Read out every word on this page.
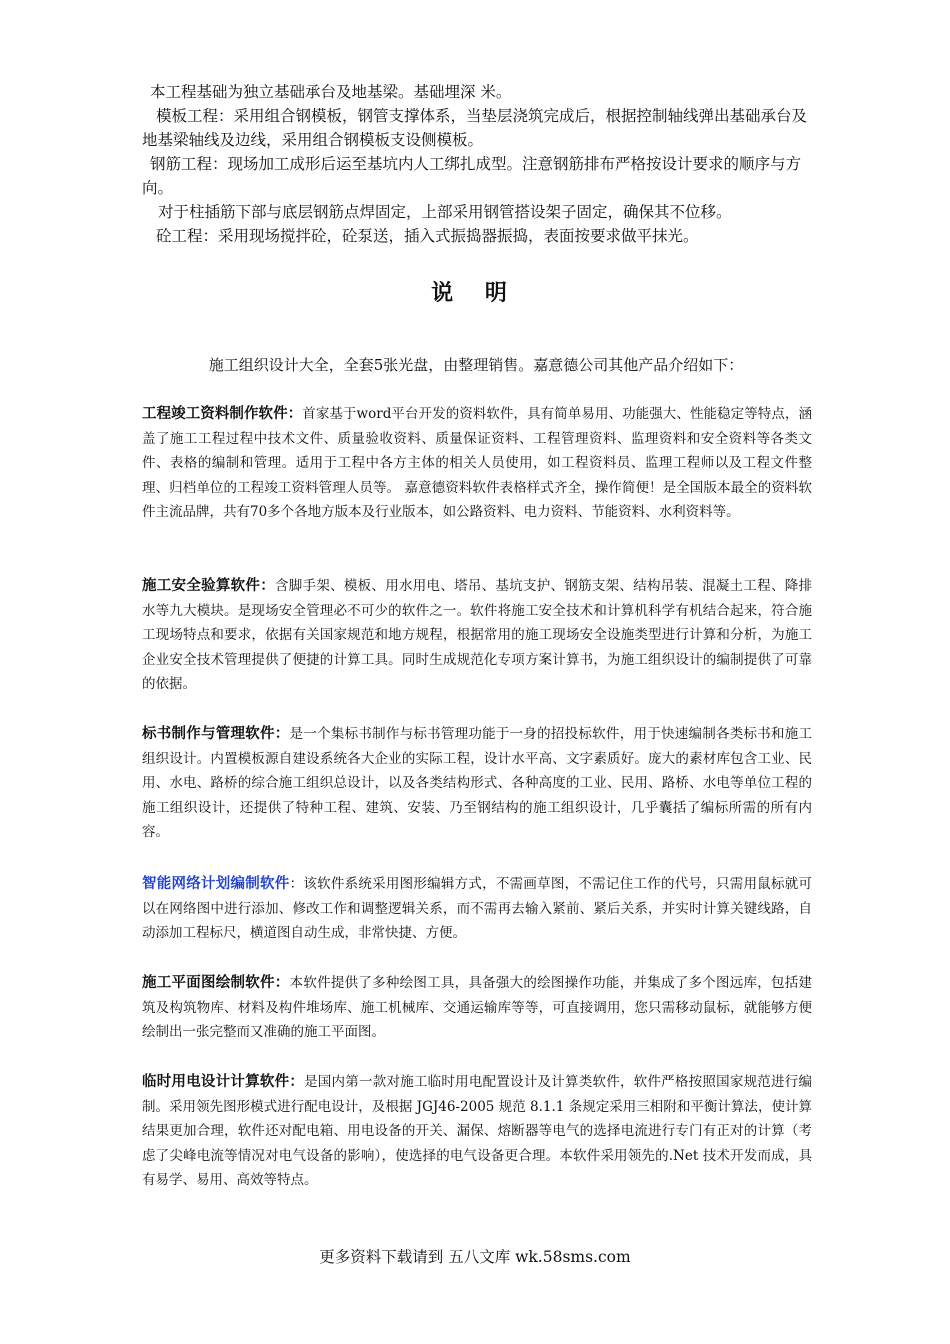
本工程基础为独立基础承台及地基梁。基础埋深 米。

模板工程：采用组合钢模板，钢管支撑体系，当垫层浇筑完成后，根据控制轴线弹出基础承台及地基梁轴线及边线，采用组合钢模板支设侧模板。

钢筋工程：现场加工成形后运至基坑内人工绑扎成型。注意钢筋排布严格按设计要求的顺序与方向。

对于柱插筋下部与底层钢筋点焊固定，上部采用钢管搭设架子固定，确保其不位移。

砼工程：采用现场搅拌砼，砼泵送，插入式振捣器振捣，表面按要求做平抹光。

说 明
施工组织设计大全，全套5张光盘，由整理销售。嘉意德公司其他产品介绍如下：
工程竣工资料制作软件：首家基于word平台开发的资料软件，具有简单易用、功能强大、性能稳定等特点，涵盖了施工工程过程中技术文件、质量验收资料、质量保证资料、工程管理资料、监理资料和安全资料等各类文件、表格的编制和管理。适用于工程中各方主体的相关人员使用，如工程资料员、监理工程师以及工程文件整理、归档单位的工程竣工资料管理人员等。 嘉意德资料软件表格样式齐全，操作简便！是全国版本最全的资料软件主流品牌，共有70多个各地方版本及行业版本，如公路资料、电力资料、节能资料、水利资料等。
施工安全验算软件：含脚手架、模板、用水用电、塔吊、基坑支护、钢筋支架、结构吊装、混凝土工程、降排水等九大模块。是现场安全管理必不可少的软件之一。软件将施工安全技术和计算机科学有机结合起来，符合施工现场特点和要求，依据有关国家规范和地方规程，根据常用的施工现场安全设施类型进行计算和分析，为施工企业安全技术管理提供了便捷的计算工具。同时生成规范化专项方案计算书，为施工组织设计的编制提供了可靠的依据。
标书制作与管理软件：是一个集标书制作与标书管理功能于一身的招投标软件，用于快速编制各类标书和施工组织设计。内置模板源自建设系统各大企业的实际工程，设计水平高、文字素质好。庞大的素材库包含工业、民用、水电、路桥的综合施工组织总设计，以及各类结构形式、各种高度的工业、民用、路桥、水电等单位工程的施工组织设计，还提供了特种工程、建筑、安装、乃至钢结构的施工组织设计，几乎囊括了编标所需的所有内容。
智能网络计划编制软件：该软件系统采用图形编辑方式，不需画草图，不需记住工作的代号，只需用鼠标就可以在网络图中进行添加、修改工作和调整逻辑关系，而不需再去输入紧前、紧后关系，并实时计算关键线路，自动添加工程标尺，横道图自动生成，非常快捷、方便。
施工平面图绘制软件：本软件提供了多种绘图工具，具备强大的绘图操作功能，并集成了多个图远库，包括建筑及构筑物库、材料及构件堆场库、施工机械库、交通运输库等等，可直接调用，您只需移动鼠标，就能够方便绘制出一张完整而又准确的施工平面图。
临时用电设计计算软件：是国内第一款对施工临时用电配置设计及计算类软件，软件严格按照国家规范进行编制。采用领先图形模式进行配电设计，及根据 JGJ46-2005 规范 8.1.1 条规定采用三相附和平衡计算法，使计算结果更加合理，软件还对配电箱、用电设备的开关、漏保、熔断器等电气的选择电流进行专门有正对的计算（考虑了尖峰电流等情况对电气设备的影响），使选择的电气设备更合理。本软件采用领先的.Net 技术开发而成，具有易学、易用、高效等特点。
更多资料下载请到 五八文库 wk.58sms.com
